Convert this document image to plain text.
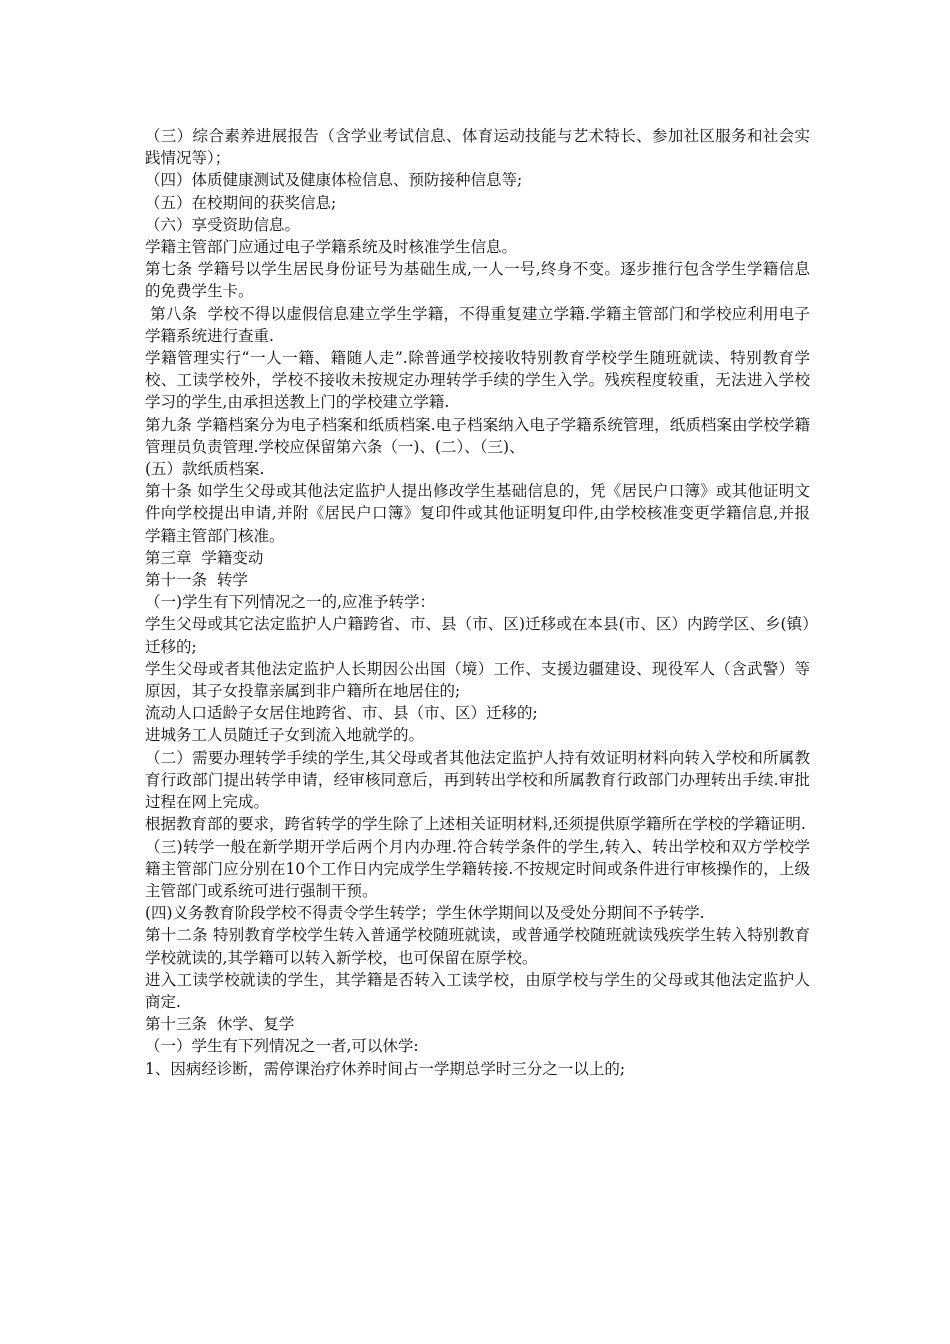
（三）综合素养进展报告（含学业考试信息、体育运动技能与艺术特长、参加社区服务和社会实践情况等）；

（四）体质健康测试及健康体检信息、预防接种信息等;

（五）在校期间的获奖信息;

（六）享受资助信息。

学籍主管部门应通过电子学籍系统及时核准学生信息。

第七条 学籍号以学生居民身份证号为基础生成,一人一号,终身不变。逐步推行包含学生学籍信息的免费学生卡。

第八条  学校不得以虚假信息建立学生学籍，不得重复建立学籍.学籍主管部门和学校应利用电子学籍系统进行查重.

学籍管理实行“一人一籍、籍随人走”.除普通学校接收特别教育学校学生随班就读、特别教育学校、工读学校外，学校不接收未按规定办理转学手续的学生入学。残疾程度较重，无法进入学校学习的学生,由承担送教上门的学校建立学籍.

第九条 学籍档案分为电子档案和纸质档案.电子档案纳入电子学籍系统管理，纸质档案由学校学籍管理员负责管理.学校应保留第六条（一)、(二）、（三)、

(五）款纸质档案.

第十条 如学生父母或其他法定监护人提出修改学生基础信息的，凭《居民户口簿》或其他证明文件向学校提出申请,并附《居民户口簿》复印件或其他证明复印件,由学校核准变更学籍信息,并报学籍主管部门核准。

第三章  学籍变动

第十一条  转学

（一)学生有下列情况之一的,应准予转学：

学生父母或其它法定监护人户籍跨省、市、县（市、区)迁移或在本县(市、区）内跨学区、乡(镇）迁移的;

学生父母或者其他法定监护人长期因公出国（境）工作、支援边疆建设、现役军人（含武警）等原因，其子女投靠亲属到非户籍所在地居住的;

流动人口适龄子女居住地跨省、市、县（市、区）迁移的;

进城务工人员随迁子女到流入地就学的。

（二）需要办理转学手续的学生,其父母或者其他法定监护人持有效证明材料向转入学校和所属教育行政部门提出转学申请，经审核同意后，再到转出学校和所属教育行政部门办理转出手续.审批过程在网上完成。

根据教育部的要求，跨省转学的学生除了上述相关证明材料,还须提供原学籍所在学校的学籍证明.

（三)转学一般在新学期开学后两个月内办理.符合转学条件的学生,转入、转出学校和双方学校学籍主管部门应分别在10个工作日内完成学生学籍转接.不按规定时间或条件进行审核操作的，上级主管部门或系统可进行强制干预。

(四)义务教育阶段学校不得责令学生转学；学生休学期间以及受处分期间不予转学.

第十二条 特别教育学校学生转入普通学校随班就读，或普通学校随班就读残疾学生转入特别教育学校就读的,其学籍可以转入新学校，也可保留在原学校。

进入工读学校就读的学生，其学籍是否转入工读学校，由原学校与学生的父母或其他法定监护人商定.

第十三条  休学、复学

（一）学生有下列情况之一者,可以休学:

1、因病经诊断，需停课治疗休养时间占一学期总学时三分之一以上的;
